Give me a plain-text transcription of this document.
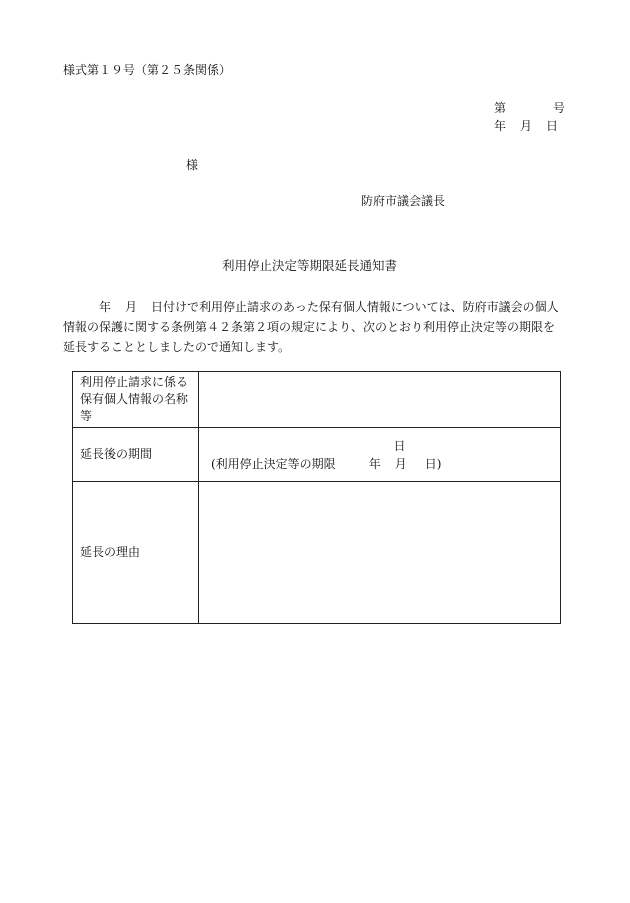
様式第１９号（第２５条関係）
第	号
年 月 日
様
防府市議会議長
利用停止決定等期限延長通知書
年 月 日付けで利用停止請求のあった保有個人情報については、防府市議会の個人情報の保護に関する条例第４２条第２項の規定により、次のとおり利用停止決定等の期限を延長することとしましたので通知します。
利用停止請求に係る保有個人情報の名称等	
延長後の期間	日
(利用停止決定等の期限 年 月 日)

延長の理由	
